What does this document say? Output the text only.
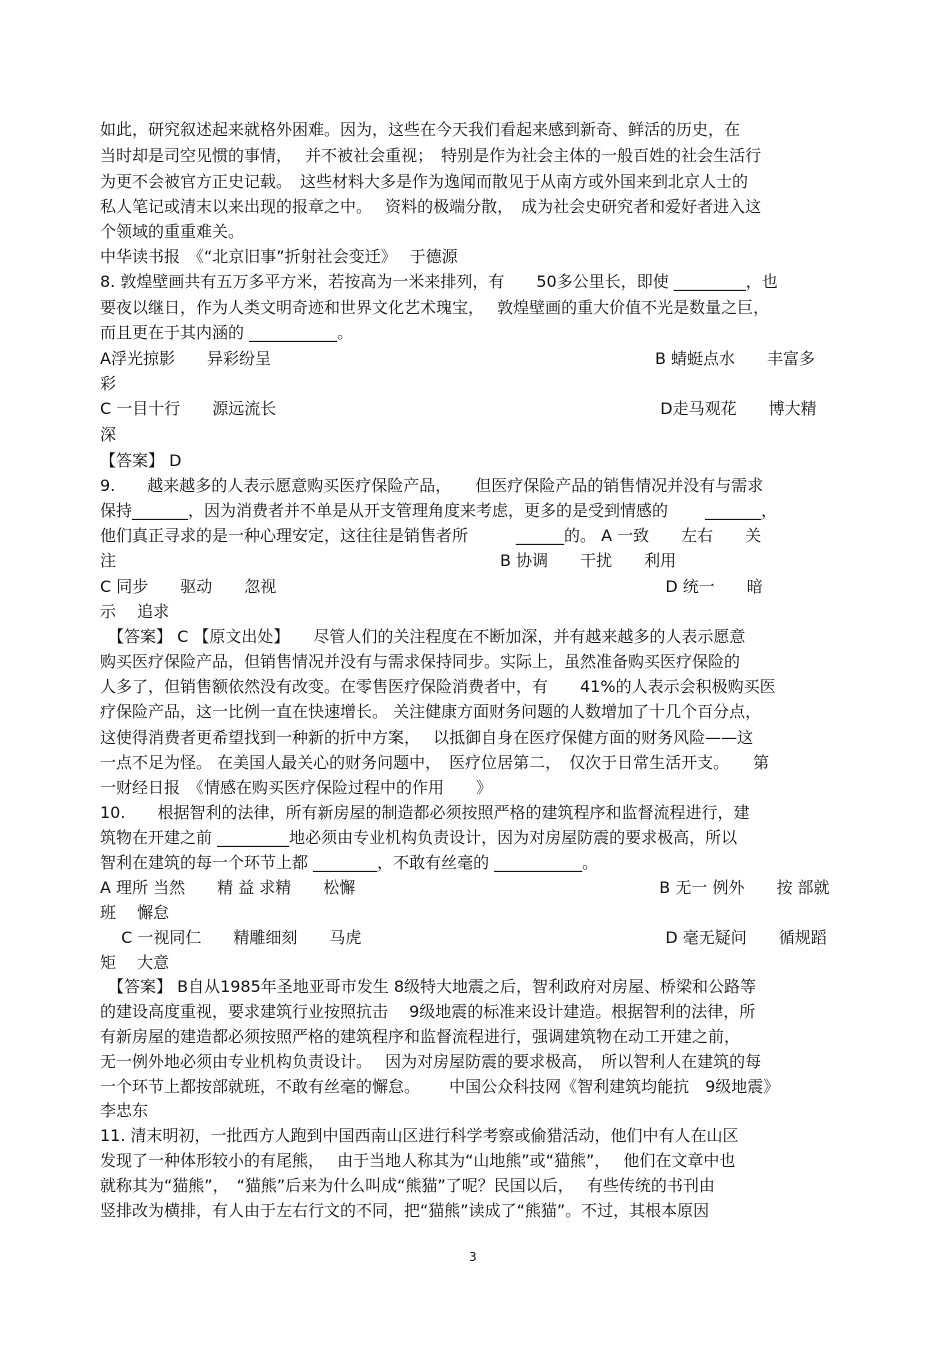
如此，研究叙述起来就格外困难。因为，这些在今天我们看起来感到新奇、鲜活的历史，在
当时却是司空见惯的事情，　 并不被社会重视；　特别是作为社会主体的一般百姓的社会生活行
为更不会被官方正史记载。　这些材料大多是作为逸闻而散见于从南方或外国来到北京人士的
私人笔记或清末以来出现的报章之中。　 资料的极端分散，　成为社会史研究者和爱好者进入这
个领域的重重难关。
中华读书报　《“北京旧事”折射社会变迁》　 于德源
8. 敦煌壁画共有五万多平方米，若按高为一米来排列，有　　50多公里长，即使 _________，也
要夜以继日，作为人类文明奇迹和世界文化艺术瑰宝，　 敦煌壁画的重大价值不光是数量之巨，
而且更在于其内涵的 ___________。
A浮光掠影　　异彩纷呈　　　　　　　　　　　　　　　　　　　　　　　　B 蜻蜓点水　　丰富多
彩
C 一目十行　　源远流长　　　　　　　　　　　　　　　　　　　　　　　　D走马观花　　博大精
深
【答案】 D
9.　　越来越多的人表示愿意购买医疗保险产品，　　但医疗保险产品的销售情况并没有与需求
保持_______，因为消费者并不单是从开支管理角度来考虑，更多的是受到情感的　　 _______，
他们真正寻求的是一种心理安定，这往往是销售者所　　　______的。 A 一致　　左右　　关
注　　　　　　　　　　　　　　　　　　　　　　　　B 协调　　干扰　　利用
C 同步　　驱动　　忽视　　　　　　　　　　　　　　　　　　　　　　　　 D 统一　　暗
示　 追求
　【答案】 C 【原文出处】　　尽管人们的关注程度在不断加深，并有越来越多的人表示愿意
购买医疗保险产品，但销售情况并没有与需求保持同步。实际上，虽然准备购买医疗保险的
人多了，但销售额依然没有改变。在零售医疗保险消费者中，有　　41%的人表示会积极购买医
疗保险产品，这一比例一直在快速增长。 关注健康方面财务问题的人数增加了十几个百分点，
这使得消费者更希望找到一种新的折中方案，　 以抵御自身在医疗保健方面的财务风险——这
一点不足为怪。 在美国人最关心的财务问题中，　医疗位居第二，　仅次于日常生活开支。　　第
一财经日报　《情感在购买医疗保险过程中的作用　　》
10.　　根据智利的法律，所有新房屋的制造都必须按照严格的建筑程序和监督流程进行，建
筑物在开建之前 _________地必须由专业机构负责设计，因为对房屋防震的要求极高，所以
智利在建筑的每一个环节上都 ________，不敢有丝毫的 ___________。
A 理所 当然　　精 益 求精　　松懈　　　　　　　　　　　　　　　　　　　B 无一 例外　　按 部就
班　 懈怠
　 C 一视同仁　　精雕细刻　　马虎　　　　　　　　　　　　　　　　　　　D 毫无疑问　　循规蹈
矩　 大意
　【答案】 B自从1985年圣地亚哥市发生 8级特大地震之后，智利政府对房屋、桥梁和公路等
的建设高度重视，要求建筑行业按照抗击　 9级地震的标准来设计建造。根据智利的法律，所
有新房屋的建造都必须按照严格的建筑程序和监督流程进行，强调建筑物在动工开建之前，
无一例外地必须由专业机构负责设计。　 因为对房屋防震的要求极高，　所以智利人在建筑的每
一个环节上都按部就班，不敢有丝毫的懈怠。　　 中国公众科技网《智利建筑均能抗　9级地震》
李忠东
11. 清末明初，一批西方人跑到中国西南山区进行科学考察或偷猎活动，他们中有人在山区
发现了一种体形较小的有尾熊，　 由于当地人称其为“山地熊”或“猫熊”，　 他们在文章中也
就称其为“猫熊”，　“猫熊”后来为什么叫成“熊猫”了呢？民国以后，　 有些传统的书刊由
竖排改为横排，有人由于左右行文的不同，把“猫熊”读成了“熊猫”。不过，其根本原因
3
